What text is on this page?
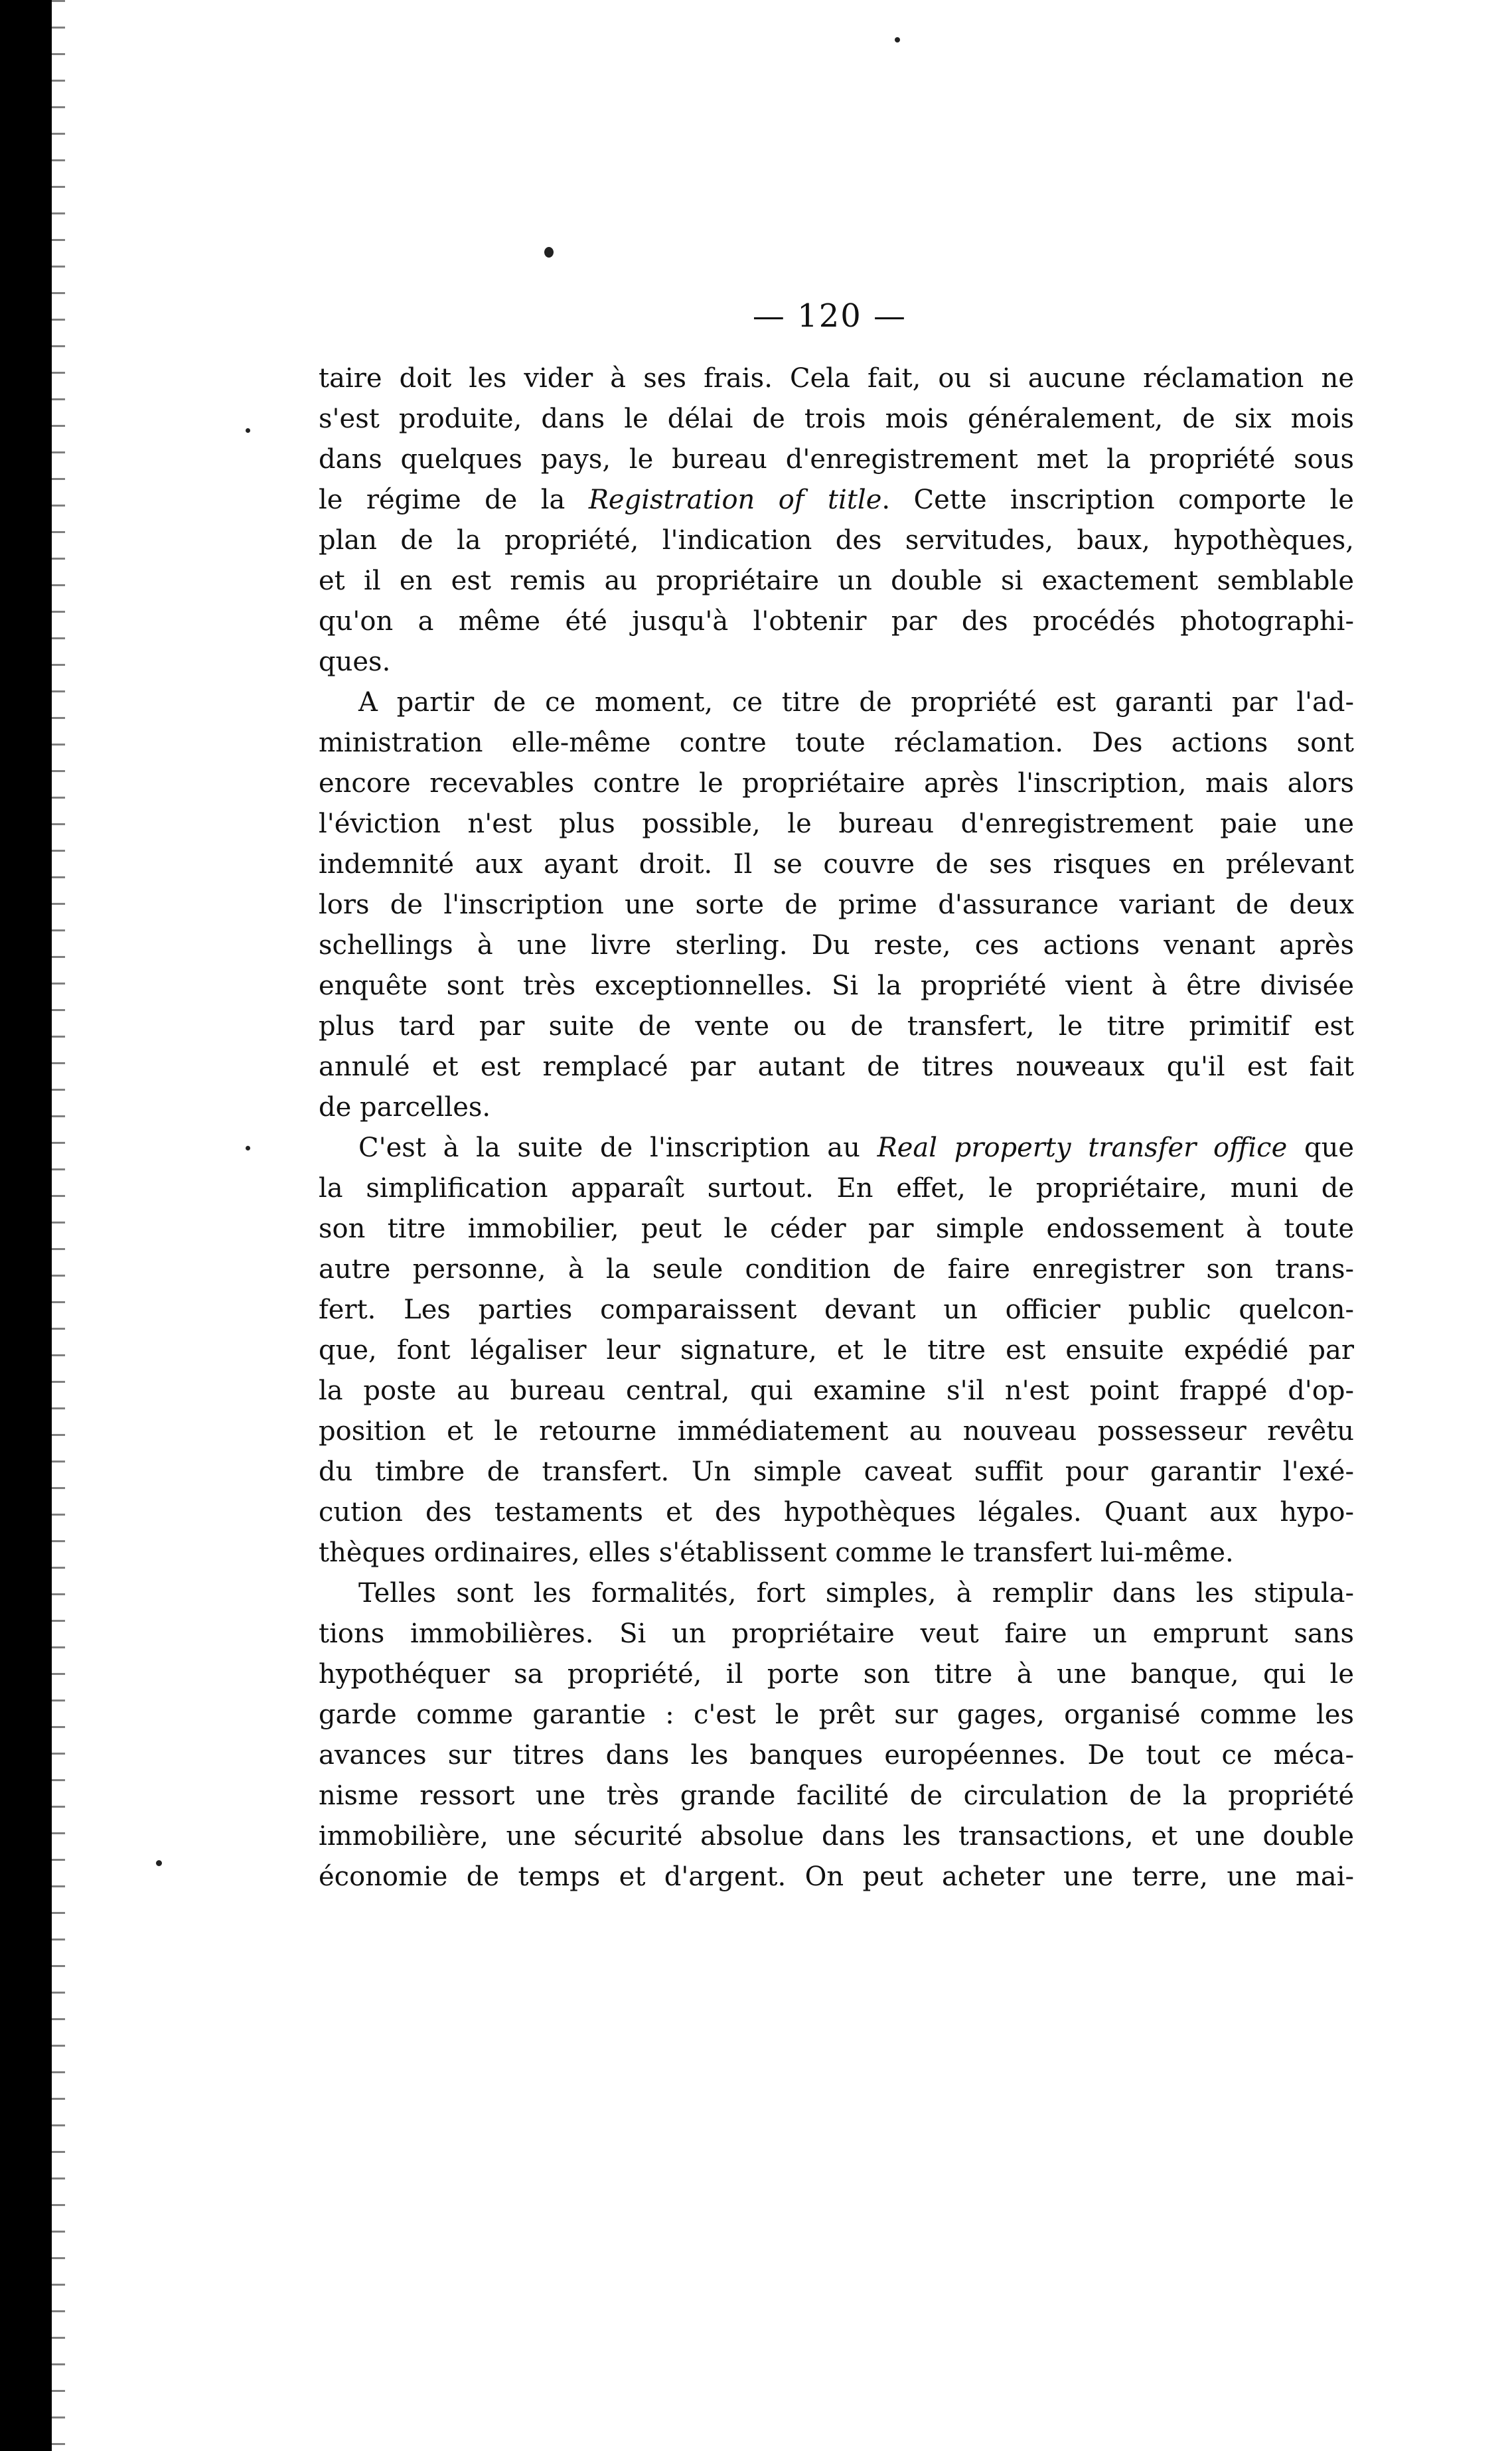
— 120 —
taire doit les vider à ses frais. Cela fait, ou si aucune réclamation ne
s'est produite, dans le délai de trois mois généralement, de six mois
dans quelques pays, le bureau d'enregistrement met la propriété sous
le régime de la Registration of title. Cette inscription comporte le
plan de la propriété, l'indication des servitudes, baux, hypothèques,
et il en est remis au propriétaire un double si exactement semblable
qu'on a même été jusqu'à l'obtenir par des procédés photographi-
ques.
A partir de ce moment, ce titre de propriété est garanti par l'ad-
ministration elle-même contre toute réclamation. Des actions sont
encore recevables contre le propriétaire après l'inscription, mais alors
l'éviction n'est plus possible, le bureau d'enregistrement paie une
indemnité aux ayant droit. Il se couvre de ses risques en prélevant
lors de l'inscription une sorte de prime d'assurance variant de deux
schellings à une livre sterling. Du reste, ces actions venant après
enquête sont très exceptionnelles. Si la propriété vient à être divisée
plus tard par suite de vente ou de transfert, le titre primitif est
annulé et est remplacé par autant de titres nouveaux qu'il est fait
de parcelles.
C'est à la suite de l'inscription au Real property transfer office que
la simplification apparaît surtout. En effet, le propriétaire, muni de
son titre immobilier, peut le céder par simple endossement à toute
autre personne, à la seule condition de faire enregistrer son trans-
fert. Les parties comparaissent devant un officier public quelcon-
que, font légaliser leur signature, et le titre est ensuite expédié par
la poste au bureau central, qui examine s'il n'est point frappé d'op-
position et le retourne immédiatement au nouveau possesseur revêtu
du timbre de transfert. Un simple caveat suffit pour garantir l'exé-
cution des testaments et des hypothèques légales. Quant aux hypo-
thèques ordinaires, elles s'établissent comme le transfert lui-même.
Telles sont les formalités, fort simples, à remplir dans les stipula-
tions immobilières. Si un propriétaire veut faire un emprunt sans
hypothéquer sa propriété, il porte son titre à une banque, qui le
garde comme garantie : c'est le prêt sur gages, organisé comme les
avances sur titres dans les banques européennes. De tout ce méca-
nisme ressort une très grande facilité de circulation de la propriété
immobilière, une sécurité absolue dans les transactions, et une double
économie de temps et d'argent. On peut acheter une terre, une mai-
